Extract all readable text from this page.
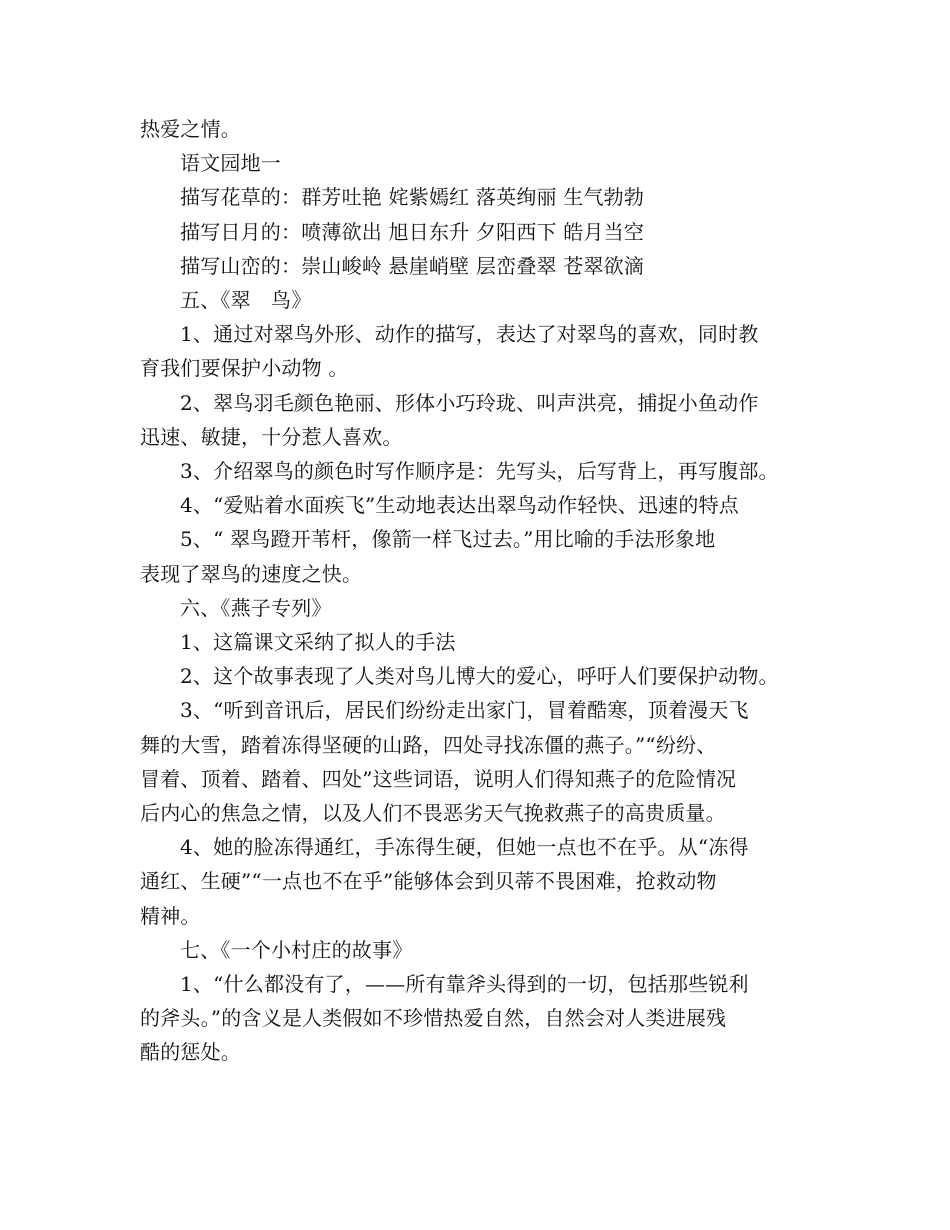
热爱之情。

语文园地一

描写花草的：群芳吐艳 姹紫嫣红 落英绚丽 生气勃勃

描写日月的：喷薄欲出 旭日东升 夕阳西下 皓月当空

描写山峦的：崇山峻岭 悬崖峭壁 层峦叠翠 苍翠欲滴

五、《翠　鸟》

1、通过对翠鸟外形、动作的描写，表达了对翠鸟的喜欢，同时教

育我们要保护小动物 。

2、翠鸟羽毛颜色艳丽、形体小巧玲珑、叫声洪亮，捕捉小鱼动作

迅速、敏捷，十分惹人喜欢。

3、介绍翠鸟的颜色时写作顺序是：先写头，后写背上，再写腹部。

4、“爱贴着水面疾飞”生动地表达出翠鸟动作轻快、迅速的特点

5、“ 翠鸟蹬开苇杆，像箭一样飞过去。”用比喻的手法形象地

表现了翠鸟的速度之快。

六、《燕子专列》

1、这篇课文采纳了拟人的手法

2、这个故事表现了人类对鸟儿博大的爱心，呼吁人们要保护动物。

3、“听到音讯后，居民们纷纷走出家门，冒着酷寒，顶着漫天飞

舞的大雪，踏着冻得坚硬的山路，四处寻找冻僵的燕子。”“纷纷、

冒着、顶着、踏着、四处”这些词语，说明人们得知燕子的危险情况

后内心的焦急之情，以及人们不畏恶劣天气挽救燕子的高贵质量。

4、她的脸冻得通红，手冻得生硬，但她一点也不在乎。从“冻得

通红、生硬”“一点也不在乎”能够体会到贝蒂不畏困难，抢救动物

精神。

七、《一个小村庄的故事》

1、“什么都没有了，——所有靠斧头得到的一切，包括那些锐利

的斧头。”的含义是人类假如不珍惜热爱自然，自然会对人类进展残

酷的惩处。
